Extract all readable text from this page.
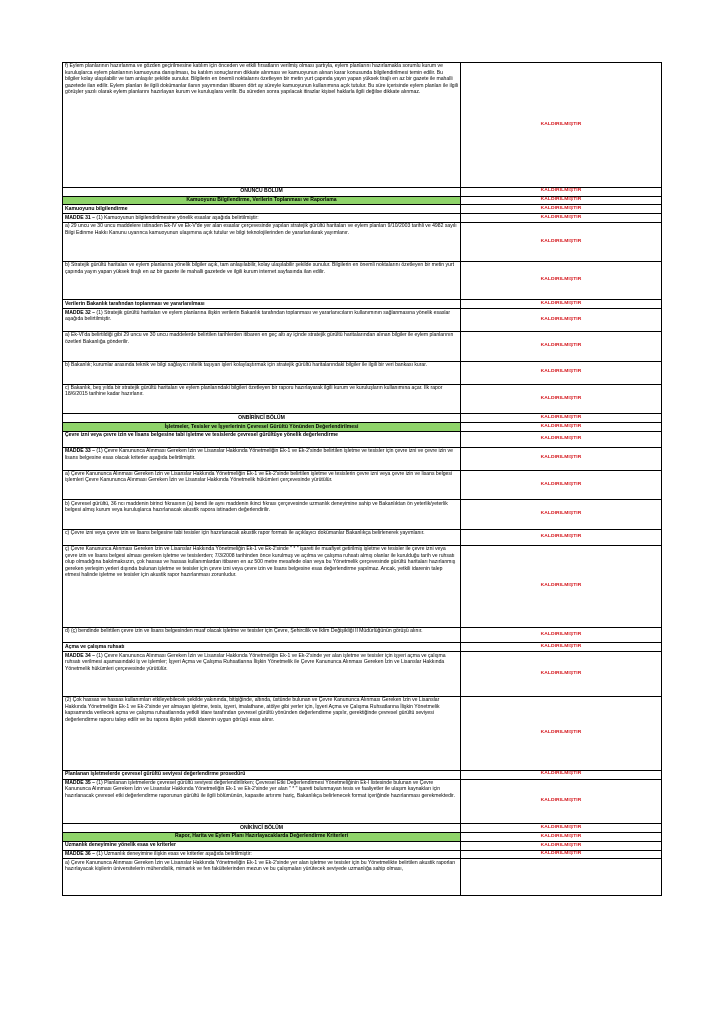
f) Eylem planlarının hazırlanma ve gözden geçirilmesine katılım için önceden ve etkili fırsatların verilmiş olması şartıyla, eylem planlarını hazırlamakla sorumlu kurum ve kuruluşlarca eylem planlarının kamuoyuna danışılması, bu katılım sonuçlarının dikkate alınması ve kamuoyunun alınan karar konusunda bilgilendirilmesi temin edilir. Bu bilgiler kolay ulaşılabilir ve tam anlaşılır şekilde sunulur. Bilgilerin en önemli noktalarını özetleyen bir metin yurt çapında yayın yapan yüksek tirajlı en az bir gazete ile mahalli gazetede ilan edilir. Eylem planları ile ilgili dokümanlar ilanın yayımından itibaren dört ay süreyle kamuoyunun kullanımına açık tutulur. Bu süre içerisinde eylem planları ile ilgili görüşler yazılı olarak eylem planlarını hazırlayan kurum ve kuruluşlara verilir. Bu süreden sonra yapılacak itirazlar kişisel haklarla ilgili değilse dikkate alınmaz.	KALDIRILMIŞTIR
ONUNCU BÖLÜM	KALDIRILMIŞTIR
Kamuoyunu Bilgilendirme, Verilerin Toplanması ve Raporlama	KALDIRILMIŞTIR
Kamuoyunu bilgilendirme	KALDIRILMIŞTIR
MADDE 31 – (1) Kamuoyunun bilgilendirilmesine yönelik esaslar aşağıda belirtilmiştir:	KALDIRILMIŞTIR
a) 29 uncu ve 30 uncu maddelere istinaden Ek-IV ve Ek-V'de yer alan esaslar çerçevesinde yapılan stratejik gürültü haritaları ve eylem planları 9/10/2003 tarihli ve 4982 sayılı Bilgi Edinme Hakkı Kanunu uyarınca kamuoyunun ulaşımına açık tutulur ve bilgi teknolojilerinden de yararlanılarak yayımlanır.	KALDIRILMIŞTIR
b) Stratejik gürültü haritaları ve eylem planlarına yönelik bilgiler açık, tam anlaşılabilir, kolay ulaşılabilir şekilde sunulur. Bilgilerin en önemli noktalarını özetleyen bir metin yurt çapında yayın yapan yüksek tirajlı en az bir gazete ile mahalli gazetede ve ilgili kurum internet sayfasında ilan edilir.	KALDIRILMIŞTIR
Verilerin Bakanlık tarafından toplanması ve yararlanılması	KALDIRILMIŞTIR
MADDE 32 – (1) Stratejik gürültü haritaları ve eylem planlarına ilişkin verilerin Bakanlık tarafından toplanması ve yararlanıcıların kullanımının sağlanmasına yönelik esaslar aşağıda belirtilmiştir.	KALDIRILMIŞTIR
a) Ek-VI'da belirtildiği gibi 29 uncu ve 30 uncu maddelerde belirtilen tarihlerden itibaren en geç altı ay içinde stratejik gürültü haritalarından alınan bilgiler ile eylem planlarının özetleri Bakanlığa gönderilir.	KALDIRILMIŞTIR
b) Bakanlık; kurumlar arasında teknik ve bilgi sağlayıcı nitelik taşıyan işleri kolaylaştırmak için stratejik gürültü haritalarındaki bilgiler ile ilgili bir veri bankası kurar.	KALDIRILMIŞTIR
c) Bakanlık, beş yılda bir stratejik gürültü haritaları ve eylem planlarındaki bilgileri özetleyen bir raporu hazırlayarak ilgili kurum ve kuruluşların kullanımına açar. İlk rapor 18/6/2015 tarihine kadar hazırlanır.	KALDIRILMIŞTIR
ONBİRİNCİ BÖLÜM	KALDIRILMIŞTIR
İşletmeler, Tesisler ve İşyerlerinin Çevresel Gürültü Yönünden Değerlendirilmesi	KALDIRILMIŞTIR
Çevre izni veya çevre izin ve lisans belgesine tabi işletme ve tesislerde çevresel gürültüye yönelik değerlendirme	KALDIRILMIŞTIR
MADDE 33 – (1) Çevre Kanununca Alınması Gereken İzin ve Lisanslar Hakkında Yönetmeliğin Ek-1 ve Ek-2'sinde belirtilen işletme ve tesisler için çevre izni ve çevre izin ve lisans belgesine esas olacak kriterler aşağıda belirtilmiştir.	KALDIRILMIŞTIR
a) Çevre Kanununca Alınması Gereken İzin ve Lisanslar Hakkında Yönetmeliğin Ek-1 ve Ek-2'sinde belirtilen işletme ve tesislerin çevre izni veya çevre izin ve lisans belgesi işlemleri Çevre Kanununca Alınması Gereken İzin ve Lisanslar Hakkında Yönetmelik hükümleri çerçevesinde yürütülür.	KALDIRILMIŞTIR
b) Çevresel gürültü, 36 ncı maddenin birinci fıkrasının (a) bendi ile aynı maddenin ikinci fıkrası çerçevesinde uzmanlık deneyimine sahip ve Bakanlıktan ön yeterlik/yeterlik belgesi almış kurum veya kuruluşlarca hazırlanacak akustik rapora istinaden değerlendirilir.	KALDIRILMIŞTIR
c) Çevre izni veya çevre izin ve lisans belgesine tabi tesisler için hazırlanacak akustik rapor formatı ile açıklayıcı dokümanlar Bakanlıkça belirlenerek yayımlanır.	KALDIRILMIŞTIR
ç) Çevre Kanununca Alınması Gereken İzin ve Lisanslar Hakkında Yönetmeliğin Ek-1 ve Ek-2'sinde " * " işareti ile muafiyet getirilmiş işletme ve tesisler ile çevre izni veya çevre izin ve lisans belgesi alması gereken işletme ve tesislerden; 7/3/2008 tarihinden önce kurulmuş ve açılma ve çalışma ruhsatı almış olanlar ile kurulduğu tarih ve ruhsatı olup olmadığına bakılmaksızın, çok hassas ve hassas kullanımlardan itibaren en az 500 metre mesafede olan veya bu Yönetmelik çerçevesinde gürültü haritaları hazırlanmış gereken yerleşim yerleri dışında bulunan işletme ve tesisler için çevre izni veya çevre izin ve lisans belgesine esas değerlendirme yapılmaz. Ancak, yetkili idarenin talep etmesi halinde işletme ve tesisler için akustik rapor hazırlanması zorunludur.	KALDIRILMIŞTIR
d) (ç) bendinde belirtilen çevre izin ve lisans belgesinden muaf olacak işletme ve tesisler için Çevre, Şehircilik ve İklim Değişikliği İl Müdürlüğünün görüşü alınır.	KALDIRILMIŞTIR
Açma ve çalışma ruhsatı	KALDIRILMIŞTIR
MADDE 34 – (1) Çevre Kanununca Alınması Gereken İzin ve Lisanslar Hakkında Yönetmeliğin Ek-1 ve Ek-2'sinde yer alan işletme ve tesisler için işyeri açma ve çalışma ruhsatı verilmesi aşamasındaki iş ve işlemler; İşyeri Açma ve Çalışma Ruhsatlarına İlişkin Yönetmelik ile Çevre Kanununca Alınması Gereken İzin ve Lisanslar Hakkında Yönetmelik hükümleri çerçevesinde yürütülür.	KALDIRILMIŞTIR
(2) Çok hassas ve hassas kullanımları etkileyebilecek şekilde yakınında, bitişiğinde, altında, üstünde bulunan ve Çevre Kanununca Alınması Gereken İzin ve Lisanslar Hakkında Yönetmeliğin Ek-1 ve Ek-2'sinde yer almayan işletme, tesis, işyeri, imalathane, atölye gibi yerler için, İşyeri Açma ve Çalışma Ruhsatlarına İlişkin Yönetmelik kapsamında verilecek açma ve çalışma ruhsatlarında yetkili idare tarafından çevresel gürültü yönünden değerlendirme yapılır, gerektiğinde çevresel gürültü seviyesi değerlendirme raporu talep edilir ve bu rapora ilişkin yetkili idarenin uygun görüşü esas alınır.	KALDIRILMIŞTIR
Planlanan işletmelerde çevresel gürültü seviyesi değerlendirme prosedürü	KALDIRILMIŞTIR
MADDE 35 – (1) Planlanan işletmelerde çevresel gürültü seviyesi değerlendirilirken; Çevresel Etki Değerlendirmesi Yönetmeliğinin Ek-I listesinde bulunan ve Çevre Kanununca Alınması Gereken İzin ve Lisanslar Hakkında Yönetmeliğin Ek-1 ve Ek-2'sinde yer alan " * " işareti bulunmayan tesis ve faaliyetler ile ulaşım kaynakları için hazırlanacak çevresel etki değerlendirme raporunun gürültü ile ilgili bölümünün, kapasite artırımı hariç, Bakanlıkça belirlenecek format içeriğinde hazırlanması gerekmektedir.	KALDIRILMIŞTIR
ONİKİNCİ BÖLÜM	KALDIRILMIŞTIR
Rapor, Harita ve Eylem Planı Hazırlayacaklarda Değerlendirme Kriterleri	KALDIRILMIŞTIR
Uzmanlık deneyimine yönelik esas ve kriterler	KALDIRILMIŞTIR
MADDE 36 – (1) Uzmanlık deneyimine ilişkin esas ve kriterler aşağıda belirtilmiştir:	KALDIRILMIŞTIR
a) Çevre Kanununca Alınması Gereken İzin ve Lisanslar Hakkında Yönetmeliğin Ek-1 ve Ek-2'sinde yer alan işletme ve tesisler için bu Yönetmelikte belirtilen akustik raporları hazırlayacak kişilerin üniversitelerin mühendislik, mimarlık ve fen fakültelerinden mezun ve bu çalışmaları yürütecek seviyede uzmanlığa sahip olması,	
